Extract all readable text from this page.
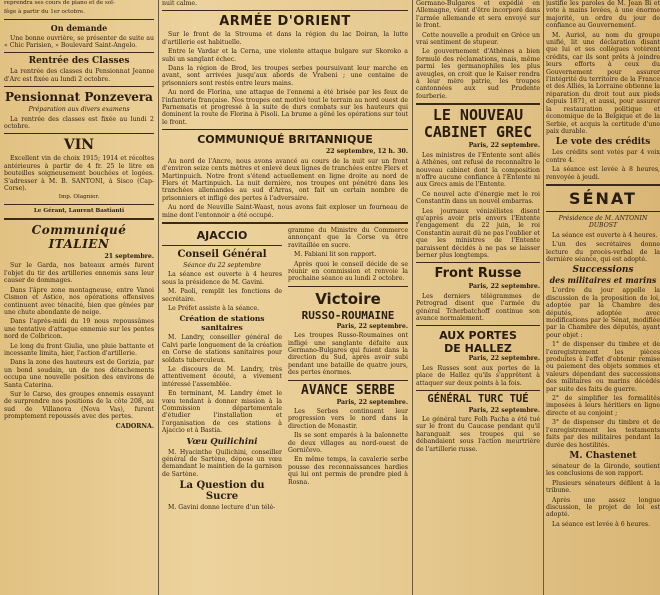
reprendra ses cours de piano et de sol-

fège à partir du 1er octobre.

On demande

Une bonne ouvrière, se présenter de suite au « Chic Parisien, » Boulevard Saint-Angelo.

Rentrée des Classes

La rentrée des classes du Pensionnat Jeanne d'Arc est fixée au lundi 2 octobre.

Pensionnat Ponzevera

Préparation aux divers examens

La rentrée des classes est fixée au lundi 2 octobre.

VIN

Excellent vin de choix 1915; 1914 et récoltes antérieures à partir de 4 fr. 25 le litre en bouteilles soigneusement bouchées et logées. S'adresser à M. B. SANTONI, à Sisco (Cap-Corse).

Imp. Olagnier.

Le Gérant, Laurent Bastianti

Communiqué
ITALIEN

21 septembre.

Sur le Garda, nos bateaux armés furent l'objet du tir des artilleries ennemis sans leur causer de dommages.

Dans l'âpre zone montagneuse, entre Vanoi Cismon et Astico, nos opérations offensives continuent avec ténacité, bien que gênées par une chute abondante de neige.

Dans l'après-midi du 19 nous repoussâmes une tentative d'attaque ennemie sur les pentes nord de Colbricon.

Le long du front Giulia, une pluie battante et incessante limita, hier, l'action d'artillerie.

Dans la zone des hauteurs est de Gorizia, par un bond soudain, un de nos détachements occupa une nouvelle position des environs de Santa Caterina.

Sur le Carso, des groupes ennemis essayant de surprendre nos positions de la côte 208, au sud de Villanova (Nova Vas), furent promptement repoussés avec des pertes.

CADORNA.

nuit calme.

ARMÉE D'ORIENT

Sur le front de la Strouma et dans la région du lac Doiran, la lutte d'artillerie est habituelle.

Entre le Vardar et la Cerna, une violente attaque bulgare sur Skoroko a subi un sanglant échec.

Dans la région de Brod, les troupes serbes poursuivant leur marche en avant, sont arrivées jusqu'aux abords de Vrabeni ; une centaine de prisonniers sont restés entre leurs mains.

Au nord de Florina, une attaque de l'ennemi a été brisée par les feux de l'infanterie française. Nos troupes ont motivé tout le terrain au nord ouest de Parnematis et progressé à la suite de durs combats sur les hauteurs qui dominent la route de Florina à Pisoli. La brume a gêné les opérations sur tout le front.

COMMUNIQUÉ BRITANNIQUE

22 septembre, 12 h. 30.

Au nord de l'Ancre, nous avons avancé au cours de la nuit sur un front d'environ seize cents mètres et enlevé deux lignes de tranchées entre Flers et Martinpuich. Notre front s'étend actuellement en ligne droite au nord de Flers et Martinpuich. La nuit dernière, nos troupes ont pénétré dans les tranchées allemandes au sud d'Arras, ont fait un certain nombre de prisonniers et infligé des pertes à l'adversaire.

Au nord de Neuville Saint-Waast, nous avons fait exploser un fourneau de mine dont l'entonnoir a été occupé.

AJACCIO
Conseil Général

Séance du 22 septembre

La séance est ouverte à 4 heures sous la présidence de M. Gavini.

M. Paoli, remplit les fonctions de secrétaire.

Le Préfet assiste à la séance.

Création de stations sanitaires

M. Landry, conseiller général de Calvi parle longuement de la création en Corse de stations sanitaires pour soldats tuberculeux.

Le discours de M. Landry, très attentivement écouté, a vivement intéressé l'assemblée.

En terminant, M. Landry émet le vœu tendant à donner mission à la Commission départementale d'étudier l'installation et l'organisation de ces stations à Ajaccio et à Bastia.

Vœu Quilichini

M. Hyacinthe Quilichini, conseiller général de Sartène, dépose un vœu demandant le maintien de la garnison de Sartène.

La Question du Sucre

M. Gavini donne lecture d'un télé-

gramme du Ministre du Commerce annonçant que la Corse va être ravitaillée en sucre.

M. Fabiani lit son rapport.

Après quoi le conseil décide de se réunir en commission et renvoie la prochaine séance au lundi 2 octobre.

Victoire
RUSSO-ROUMAINE

Paris, 22 septembre.

Les troupes Russo-Roumaines ont infligé une sanglante défaite aux Germano-Bulgares qui fuient dans la direction du Sud, après avoir subi pendant une bataille de quatre jours, des pertes énormes.

AVANCE SERBE

Paris, 22 septembre.

Les Serbes continuent leur progression vers le nord dans la direction de Monastir.

Ils se sont emparés à la baïonnette de deux villages au nord-ouest de Gorničevo.

En même temps, la cavalerie serbe pousse des reconnaissances hardies qui lui ont permis de prendre pied à Rosna.

Germano-Bulgares et expédié en Allemagne, vient d'être incorporé dans l'armée allemande et sera envoyé sur le front.

Cette nouvelle a produit en Grèce un vrai sentiment de stupeur.

Le gouvernement d'Athènes a bien formulé des réclamations, mais, même parmi les germanophiles les plus aveugles, on croit que le Kaiser rendra à leur mère patrie, les troupes cantonnées aux sud Prudente fourberie.

LE NOUVEAU
CABINET GREC

Paris, 22 septembre.

Les ministres de l'Entente sont allés à Athènes, ont refusé de reconnaître le nouveau cabinet dont la composition n'offre aucune confiance à l'Entente ni aux Grecs amis de l'Entente.

Ce nouvel acte d'énergie met le roi Constantin dans un nouvel embarras.

Les journaux vénizélistes disent qu'après avoir pris envers l'Entente l'engagement du 22 juin, le roi Constantin aurait dû ne pas l'oublier et que les ministres de l'Entente paraissent décidés à ne pas se laisser berner plus longtemps.

Front Russe

Paris, 22 septembre.

Les derniers télégrammes de Petrograd disent que l'armée du général Tcherbatchoff continue son avance normalement.

AUX PORTES
DE HALLEZ

Paris, 22 septembre.

Les Russes sont aux portes de la place de Hallez qu'ils s'apprêtent à attaquer sur deux points à la fois.

GÉNÉRAL TURC TUÉ

Paris, 22 septembre.

Le général turc Folh Pacha a été tué sur le front du Caucase pendant qu'il haranguait ses troupes qui se débandaient sous l'action meurtrière de l'artillerie russe.

justifie les paroles de M. Jean Bi et vote à mains levées, à une énorme majorité, un ordre du jour de confiance au Gouvernement.

M. Auriol, au nom du groupe unifié, lit une déclaration disant que lui et ses collègues votèrent crédits, car ils sont prêts à joindre leurs efforts à ceux du Gouvernement pour assurer l'intégrité du territoire de la France et des Alliés, la Lorraine obtienne la réparation du droit tout aux pieds depuis 1871, et aussi, pour assurer la restauration politique et économique de la Belgique et de la Serbie, et acquis la certitude d'une paix durable.

Le vote des crédits

Les crédits sont votés par 4 voix contre 4.

La séance est levée à 8 heures, renvoyée à jeudi.

SÉNAT

Présidence de M. ANTONIN DUBOST

La séance est ouverte à 4 heures.

L'un des secrétaires donne lecture du procès-verbal de la dernière séance, qui est adopté.

Successions
des militaires et marins

L'ordre du jour appelle la discussion de la proposition de loi, adoptée par la Chambre des députés, adoptée avec modifications par le Sénat, modifiée par la Chambre des députés, ayant pour objet :

1° de dispenser du timbre et de l'enregistrement les pièces produites à l'effet d'obtenir remise ou paiement des objets sommes et valeurs dépendant des successions des militaires ou marins décédés par suite des faits de guerre.

2° de simplifier les formalités imposées à leurs héritiers en ligne directe et au conjoint ;

3° de dispenser du timbre et de l'enregistrement les testaments faits par des militaires pendant la durée des hostilités.

M. Chastenet

sénateur de la Gironde, soutient les conclusions de son rapport.

Plusieurs sénateurs défilent à la tribune.

Après une assez longue discussion, le projet de loi est adopté.

La séance est levée à 6 heures.
